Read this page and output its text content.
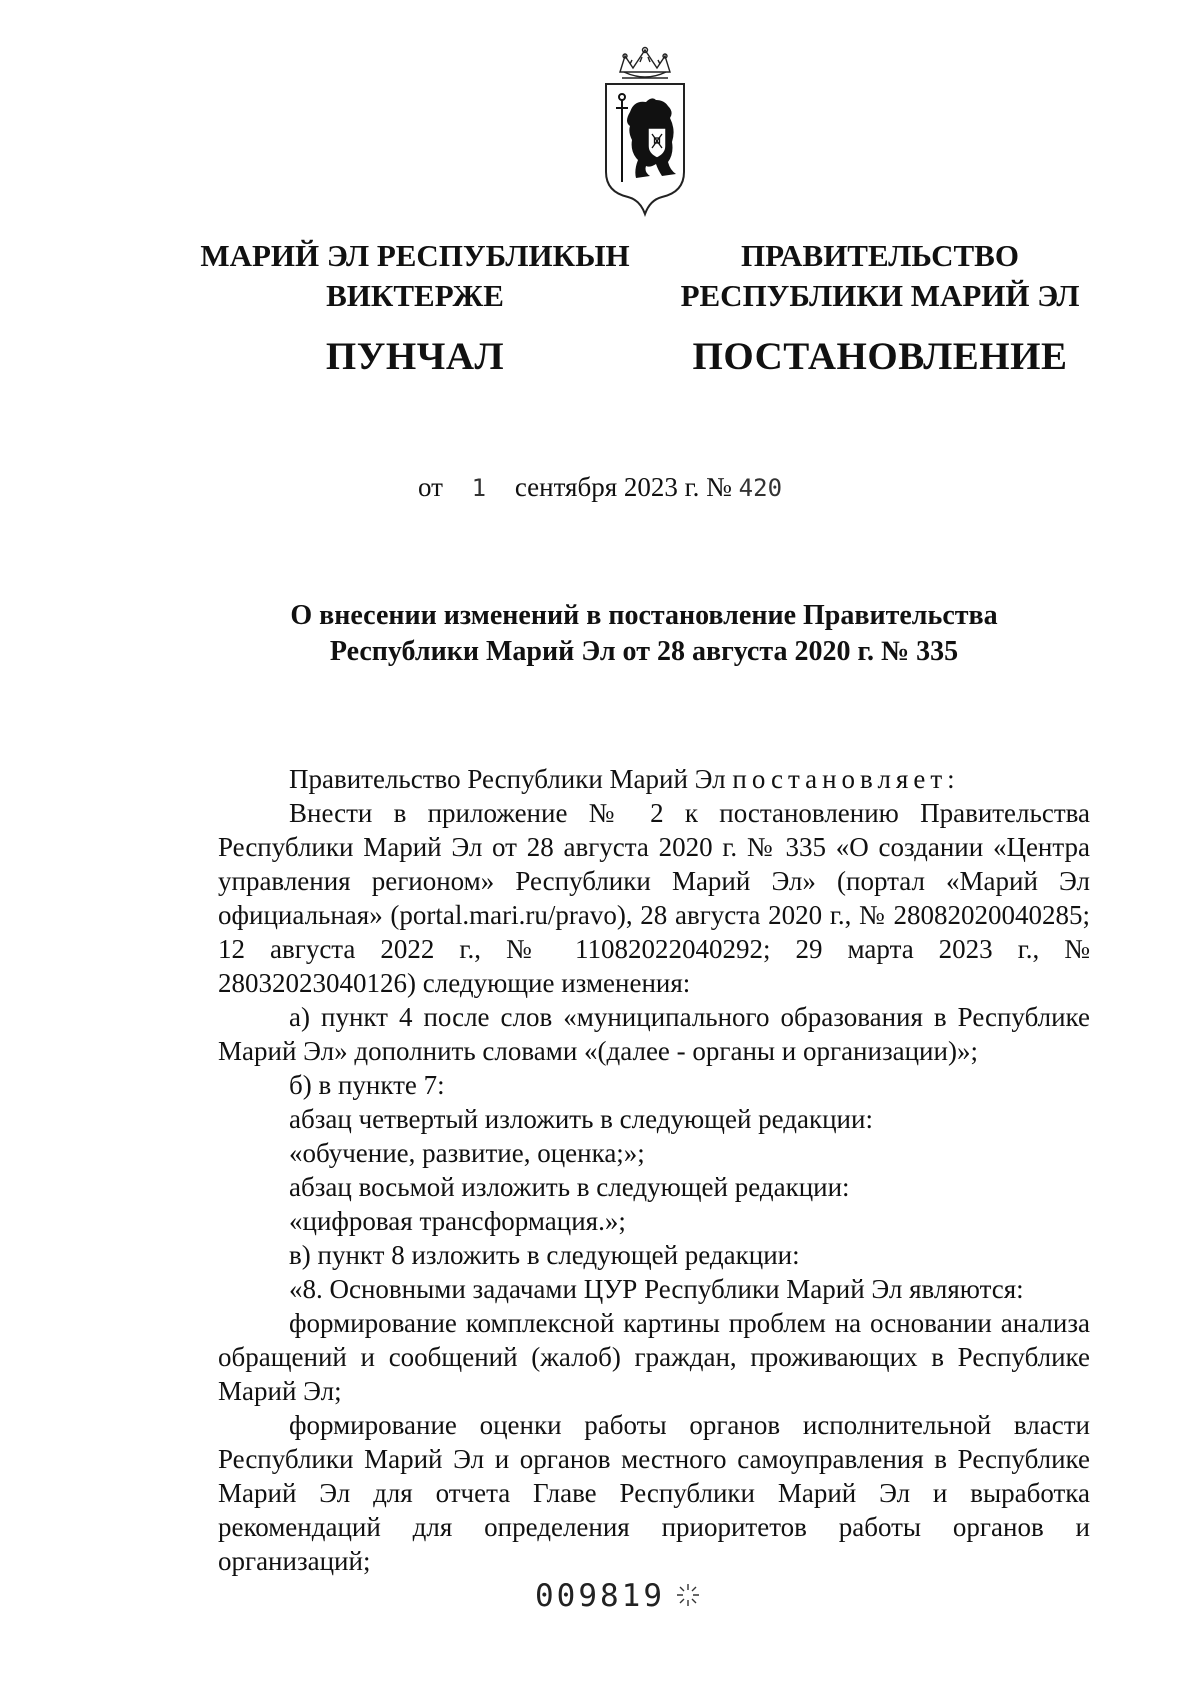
МАРИЙ ЭЛ РЕСПУБЛИКЫН
ВИКТЕРЖЕ
ПУНЧАЛ
ПРАВИТЕЛЬСТВО
РЕСПУБЛИКИ МАРИЙ ЭЛ
ПОСТАНОВЛЕНИЕ
от 1 сентября 2023 г. № 420
О внесении изменений в постановление Правительства
Республики Марий Эл от 28 августа 2020 г. № 335

Правительство Республики Марий Эл постановляет:

Внести в приложение № 2 к постановлению Правительства Республики Марий Эл от 28 августа 2020 г. № 335 «О создании «Центра управления регионом» Республики Марий Эл» (портал «Марий Эл официальная» (portal.mari.ru/pravo), 28 августа 2020 г., № 28082020040285; 12 августа 2022 г., № 11082022040292; 29 марта 2023 г., № 28032023040126) следующие изменения:

а) пункт 4 после слов «муниципального образования в Республике Марий Эл» дополнить словами «(далее - органы и организации)»;

б) в пункте 7:

абзац четвертый изложить в следующей редакции:

«обучение, развитие, оценка;»;

абзац восьмой изложить в следующей редакции:

«цифровая трансформация.»;

в) пункт 8 изложить в следующей редакции:

«8. Основными задачами ЦУР Республики Марий Эл являются:

формирование комплексной картины проблем на основании анализа обращений и сообщений (жалоб) граждан, проживающих в Республике Марий Эл;

формирование оценки работы органов исполнительной власти Республики Марий Эл и органов местного самоуправления в Республике Марий Эл для отчета Главе Республики Марий Эл и выработка рекомендаций для определения приоритетов работы органов и организаций;

009819
